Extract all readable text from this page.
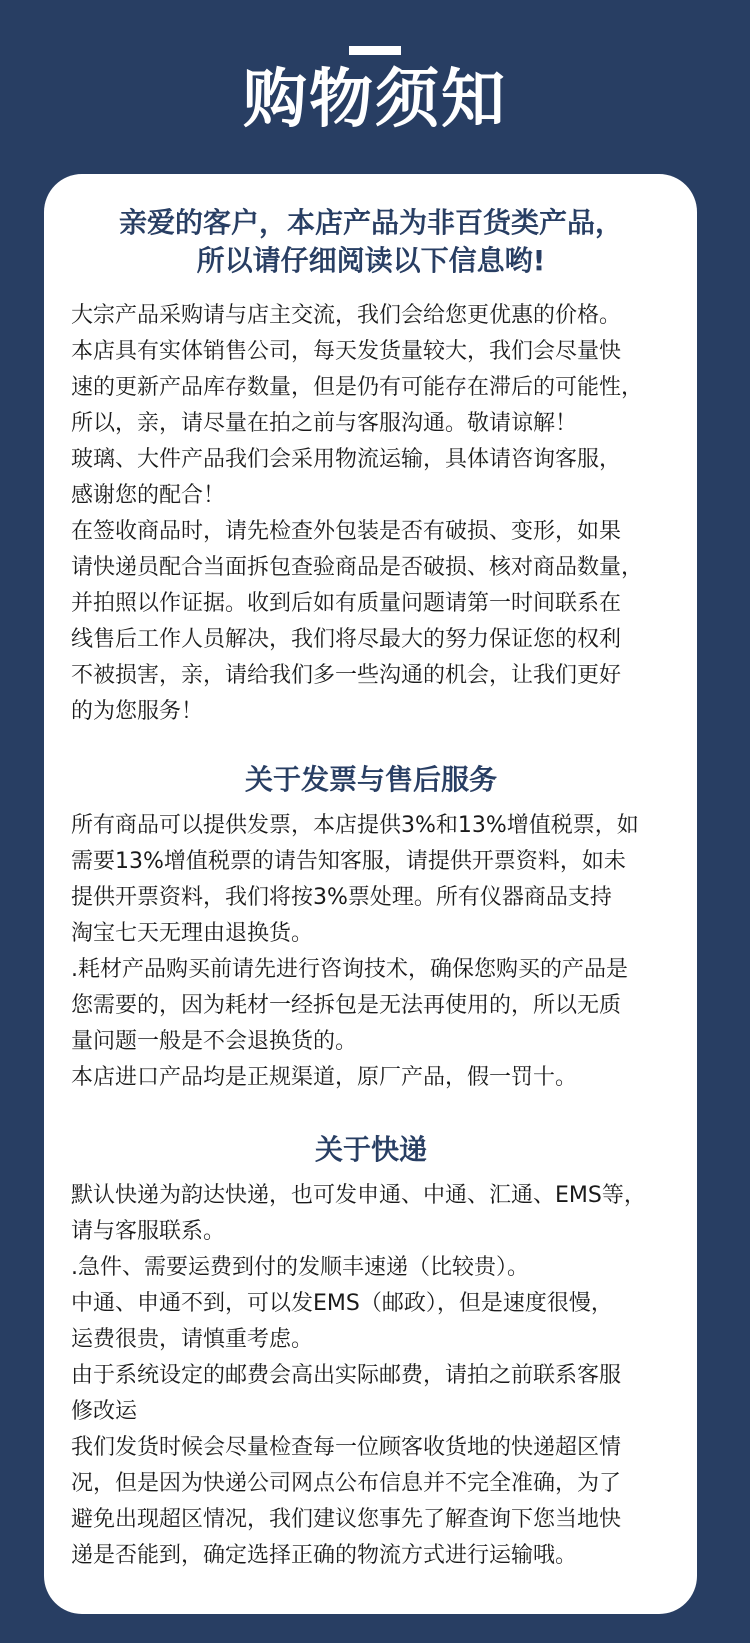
购物须知
亲爱的客户，本店产品为非百货类产品，
所以请仔细阅读以下信息哟!

大宗产品采购请与店主交流，我们会给您更优惠的价格。

本店具有实体销售公司，每天发货量较大，我们会尽量快
速的更新产品库存数量，但是仍有可能存在滞后的可能性，
所以，亲，请尽量在拍之前与客服沟通。敬请谅解！

玻璃、大件产品我们会采用物流运输，具体请咨询客服，
感谢您的配合！

在签收商品时，请先检查外包装是否有破损、变形，如果
请快递员配合当面拆包查验商品是否破损、核对商品数量，
并拍照以作证据。收到后如有质量问题请第一时间联系在
线售后工作人员解决，我们将尽最大的努力保证您的权利
不被损害，亲，请给我们多一些沟通的机会，让我们更好
的为您服务！

关于发票与售后服务

所有商品可以提供发票，本店提供3%和13%增值税票，如
需要13%增值税票的请告知客服，请提供开票资料，如未
提供开票资料，我们将按3%票处理。所有仪器商品支持
淘宝七天无理由退换货。

.耗材产品购买前请先进行咨询技术，确保您购买的产品是
您需要的，因为耗材一经拆包是无法再使用的，所以无质
量问题一般是不会退换货的。

本店进口产品均是正规渠道，原厂产品，假一罚十。

关于快递

默认快递为韵达快递，也可发申通、中通、汇通、EMS等，
请与客服联系。

.急件、需要运费到付的发顺丰速递（比较贵）。

中通、申通不到，可以发EMS（邮政），但是速度很慢，
运费很贵，请慎重考虑。

由于系统设定的邮费会高出实际邮费，请拍之前联系客服
修改运

我们发货时候会尽量检查每一位顾客收货地的快递超区情
况，但是因为快递公司网点公布信息并不完全准确，为了
避免出现超区情况，我们建议您事先了解查询下您当地快
递是否能到，确定选择正确的物流方式进行运输哦。
